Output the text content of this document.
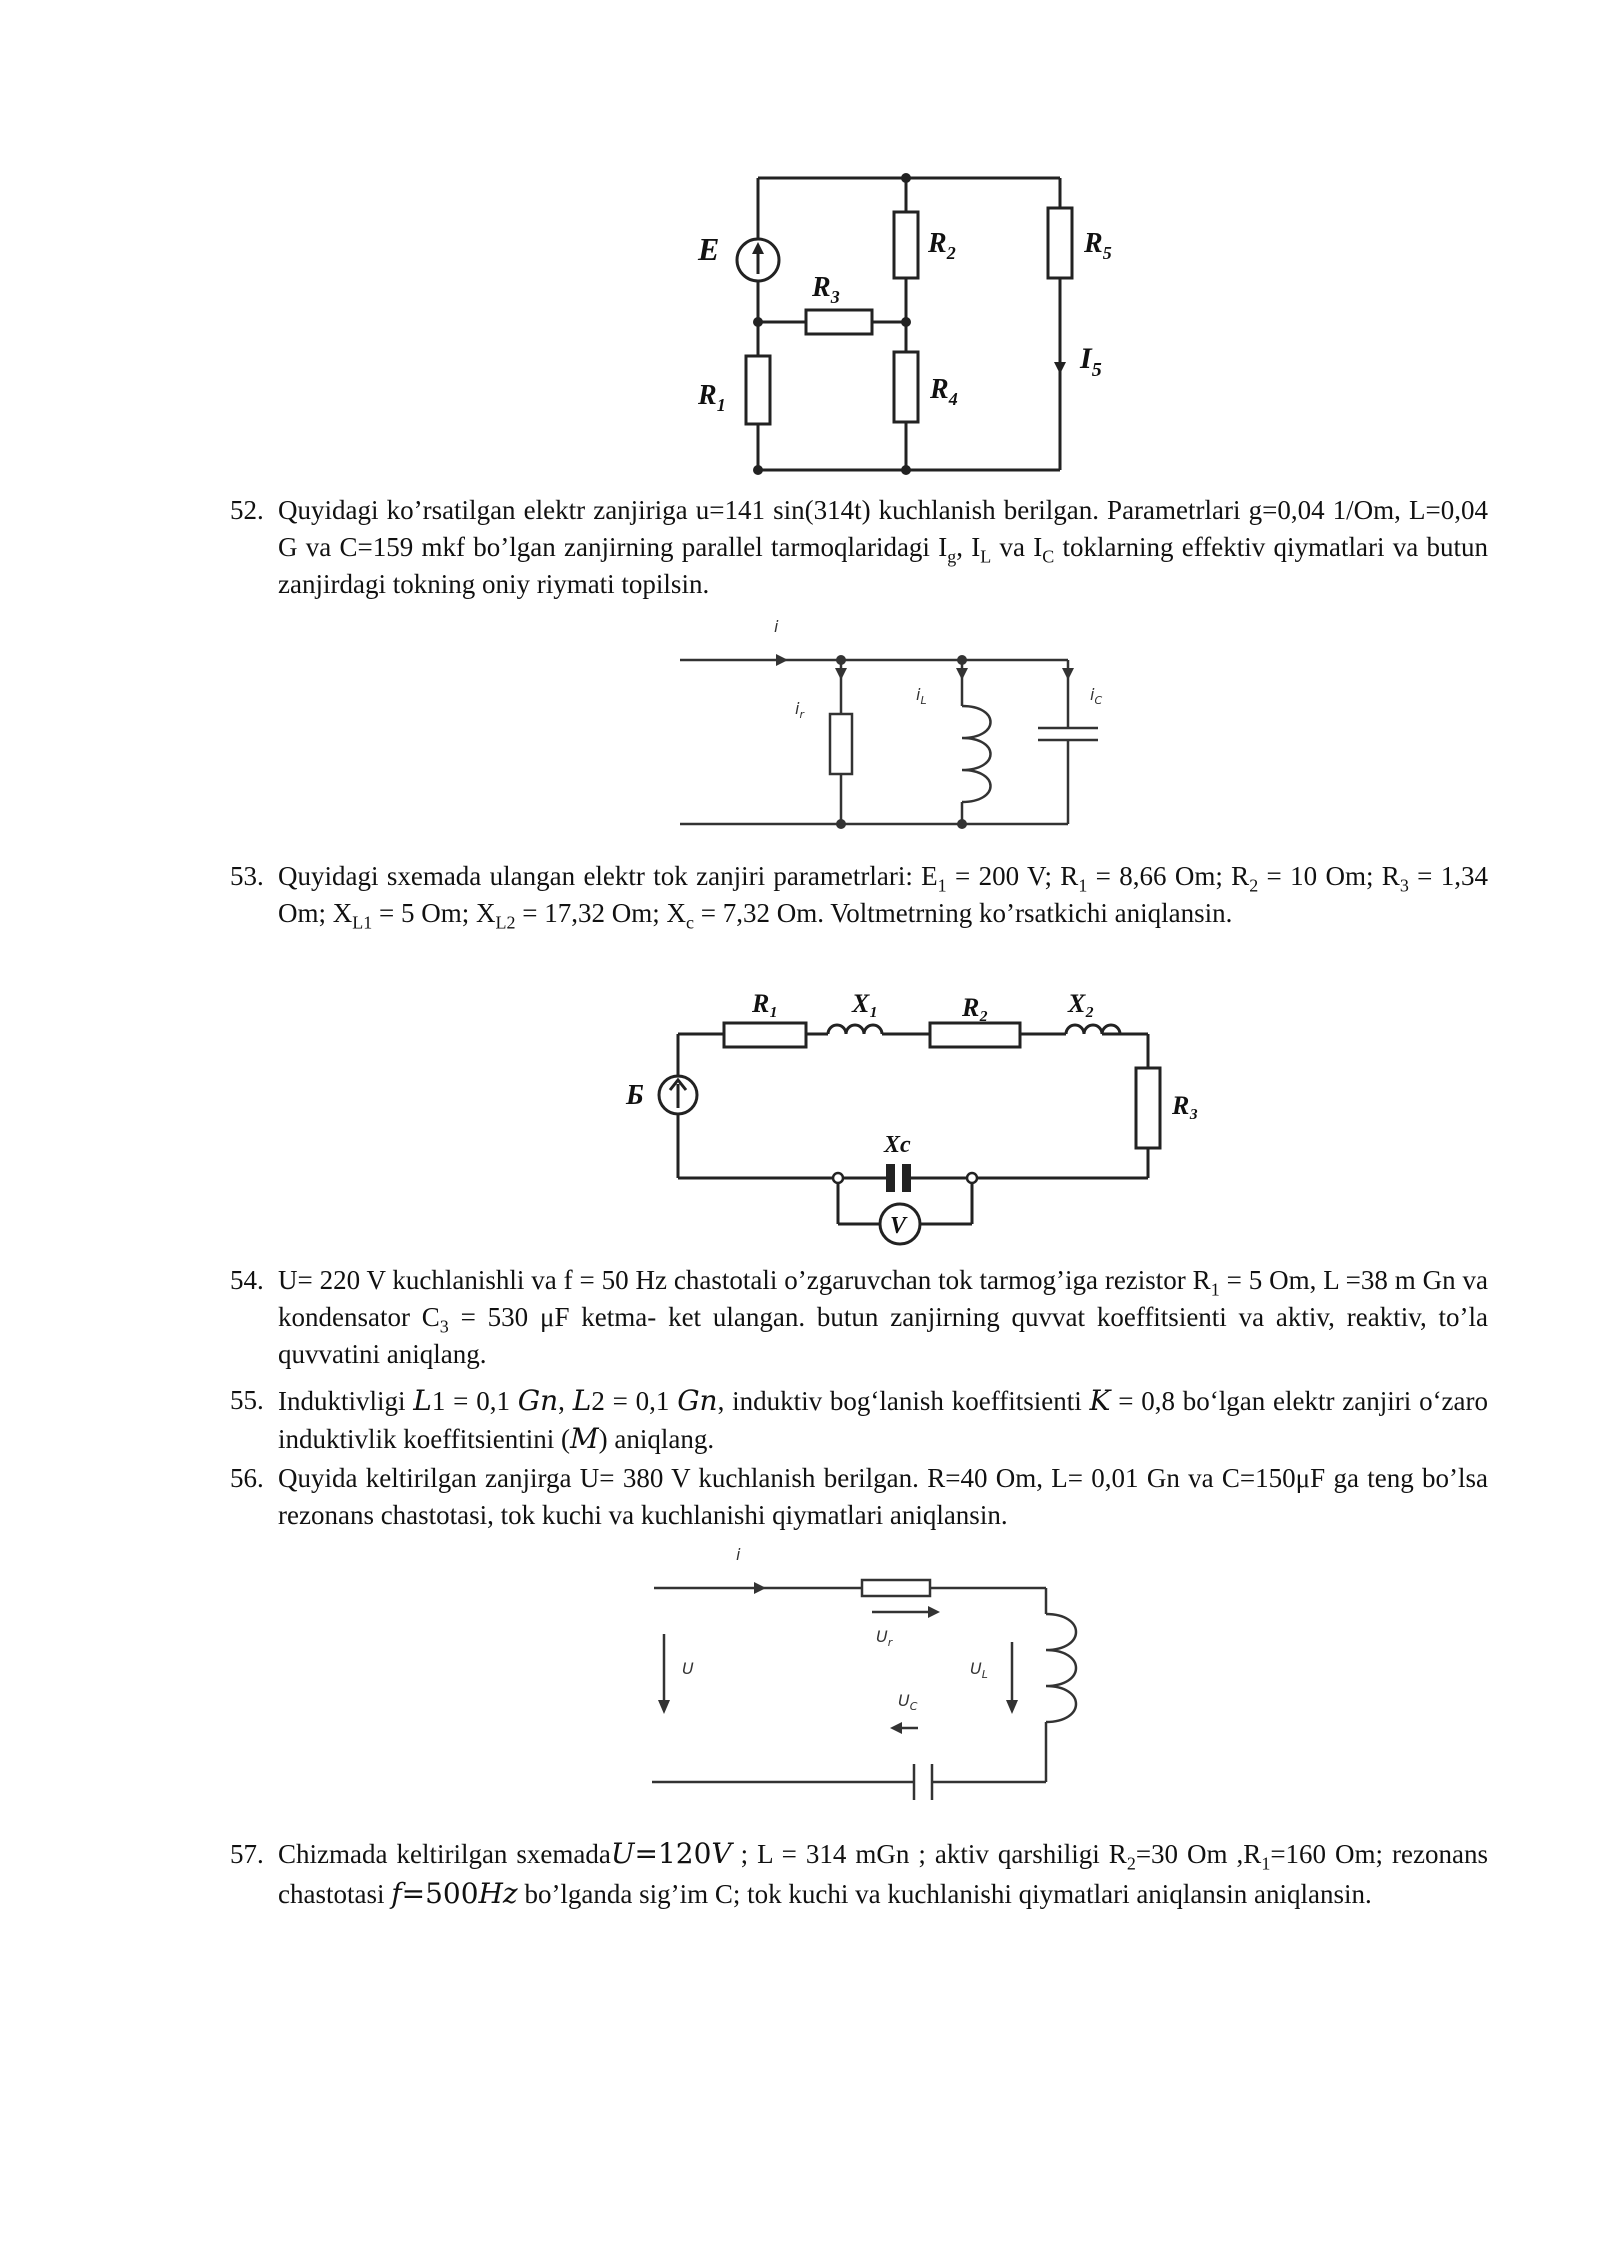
E
$R_3$
$R_2$	$R_5$
$R_1$	$R_4$
$I_5$
52. Quyidagi ko’rsatilgan elektr zanjiriga u=141 sin(314t) kuchlanish berilgan. Parametrlari g=0,04 1/Om, L=0,04 G va C=159 mkf bo’lgan zanjirning parallel tarmoqlaridagi $I_g$, $I_L$ va $I_C$ toklarning effektiv qiymatlari va butun zanjirdagi tokning oniy riymati topilsin.
i
$i_r$
$i_L$	$i_C$
53. Quyidagi sxemada ulangan elektr tok zanjiri parametrlari: $E_1 = 200$ V; $R_1 = 8,66$ Om; $R_2 = 10$ Om; $R_3 = 1,34$ Om; $X_{L1} = 5$ Om; $X_{L2} = 17,32$ Om; $X_c = 7,32$ Om. Voltmetrning ko’rsatkichi aniqlansin.
R₁	X₁	R₂	X₂
R₃
Xc
Б
V
54. U= 220 V kuchlanishli va f = 50 Hz chastotali o’zgaruvchan tok tarmog’iga rezistor $R_1 = 5$ Om, L =38 m Gn va kondensator $C_3 = 530$ μF ketma- ket ulangan. butun zanjirning quvvat koeffitsienti va aktiv, reaktiv, to’la quvvatini aniqlang.
55. Induktivligi L1 = 0,1 Gn, L2 = 0,1 Gn, induktiv bog‘lanish koeffitsienti K = 0,8 bo‘lgan elektr zanjiri o‘zaro induktivlik koeffitsientini (M) aniqlang.
56. Quyida keltirilgan zanjirga U= 380 V kuchlanish berilgan. R=40 Om, L= 0,01 Gn va C=150μF ga teng bo’lsa rezonans chastotasi, tok kuchi va kuchlanishi qiymatlari aniqlansin.
i
U
$U_r$
$U_L$
$U_C$
57. Chizmada keltirilgan sxemadaU=120V ; L = 314 mGn ; aktiv qarshiligi $R_2=30$ Om $,R_1=160$ Om; rezonans chastotasi f=500Hz bo’lganda sig’im C; tok kuchi va kuchlanishi qiymatlari aniqlansin aniqlansin.
